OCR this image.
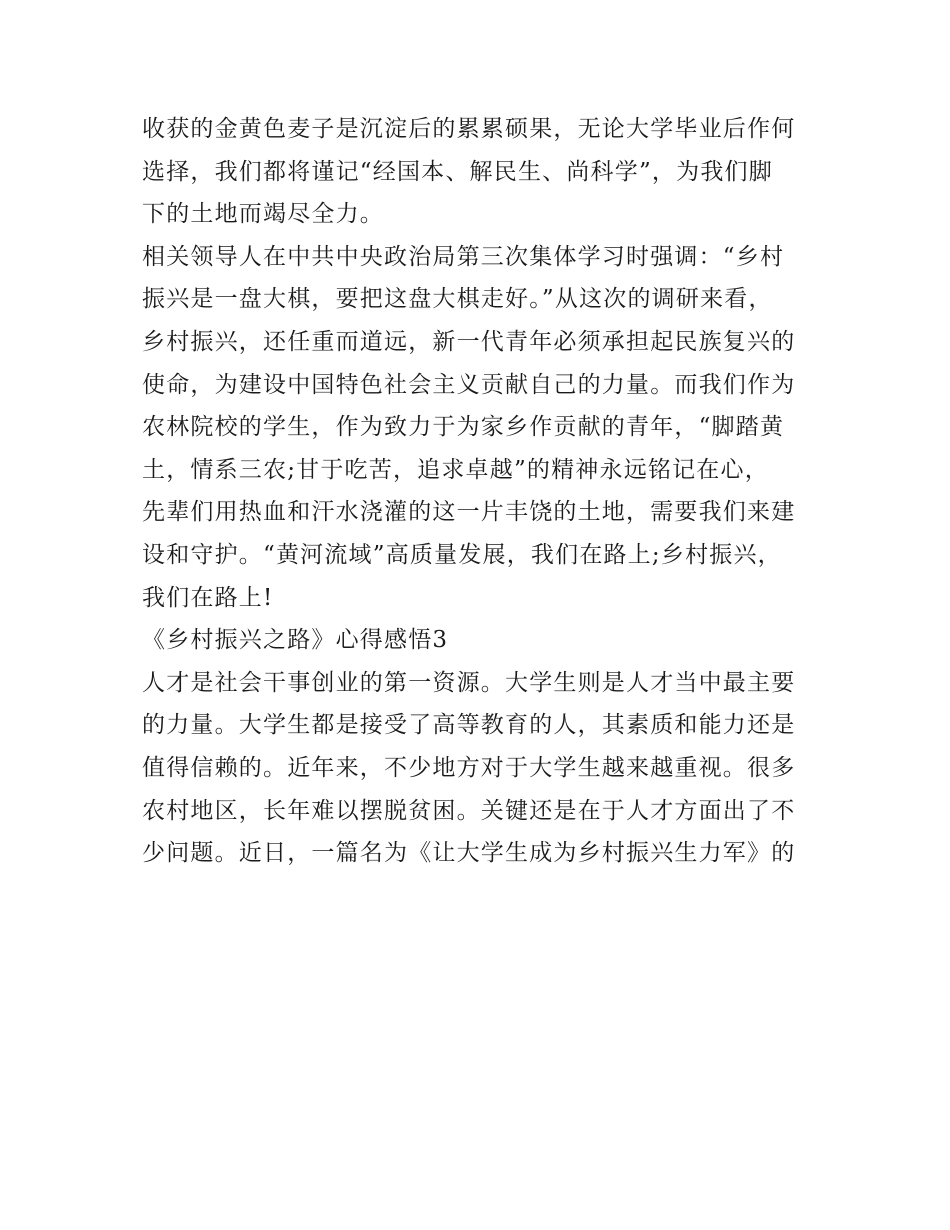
收获的金黄色麦子是沉淀后的累累硕果，无论大学毕业后作何
选择，我们都将谨记“经国本、解民生、尚科学”，为我们脚
下的土地而竭尽全力。
相关领导人在中共中央政治局第三次集体学习时强调：“乡村
振兴是一盘大棋，要把这盘大棋走好。”从这次的调研来看，
乡村振兴，还任重而道远，新一代青年必须承担起民族复兴的
使命，为建设中国特色社会主义贡献自己的力量。而我们作为
农林院校的学生，作为致力于为家乡作贡献的青年，“脚踏黄
土，情系三农;甘于吃苦，追求卓越”的精神永远铭记在心，
先辈们用热血和汗水浇灌的这一片丰饶的土地，需要我们来建
设和守护。“黄河流域”高质量发展，我们在路上;乡村振兴，
我们在路上!
《乡村振兴之路》心得感悟3
人才是社会干事创业的第一资源。大学生则是人才当中最主要
的力量。大学生都是接受了高等教育的人，其素质和能力还是
值得信赖的。近年来，不少地方对于大学生越来越重视。很多
农村地区，长年难以摆脱贫困。关键还是在于人才方面出了不
少问题。近日，一篇名为《让大学生成为乡村振兴生力军》的
